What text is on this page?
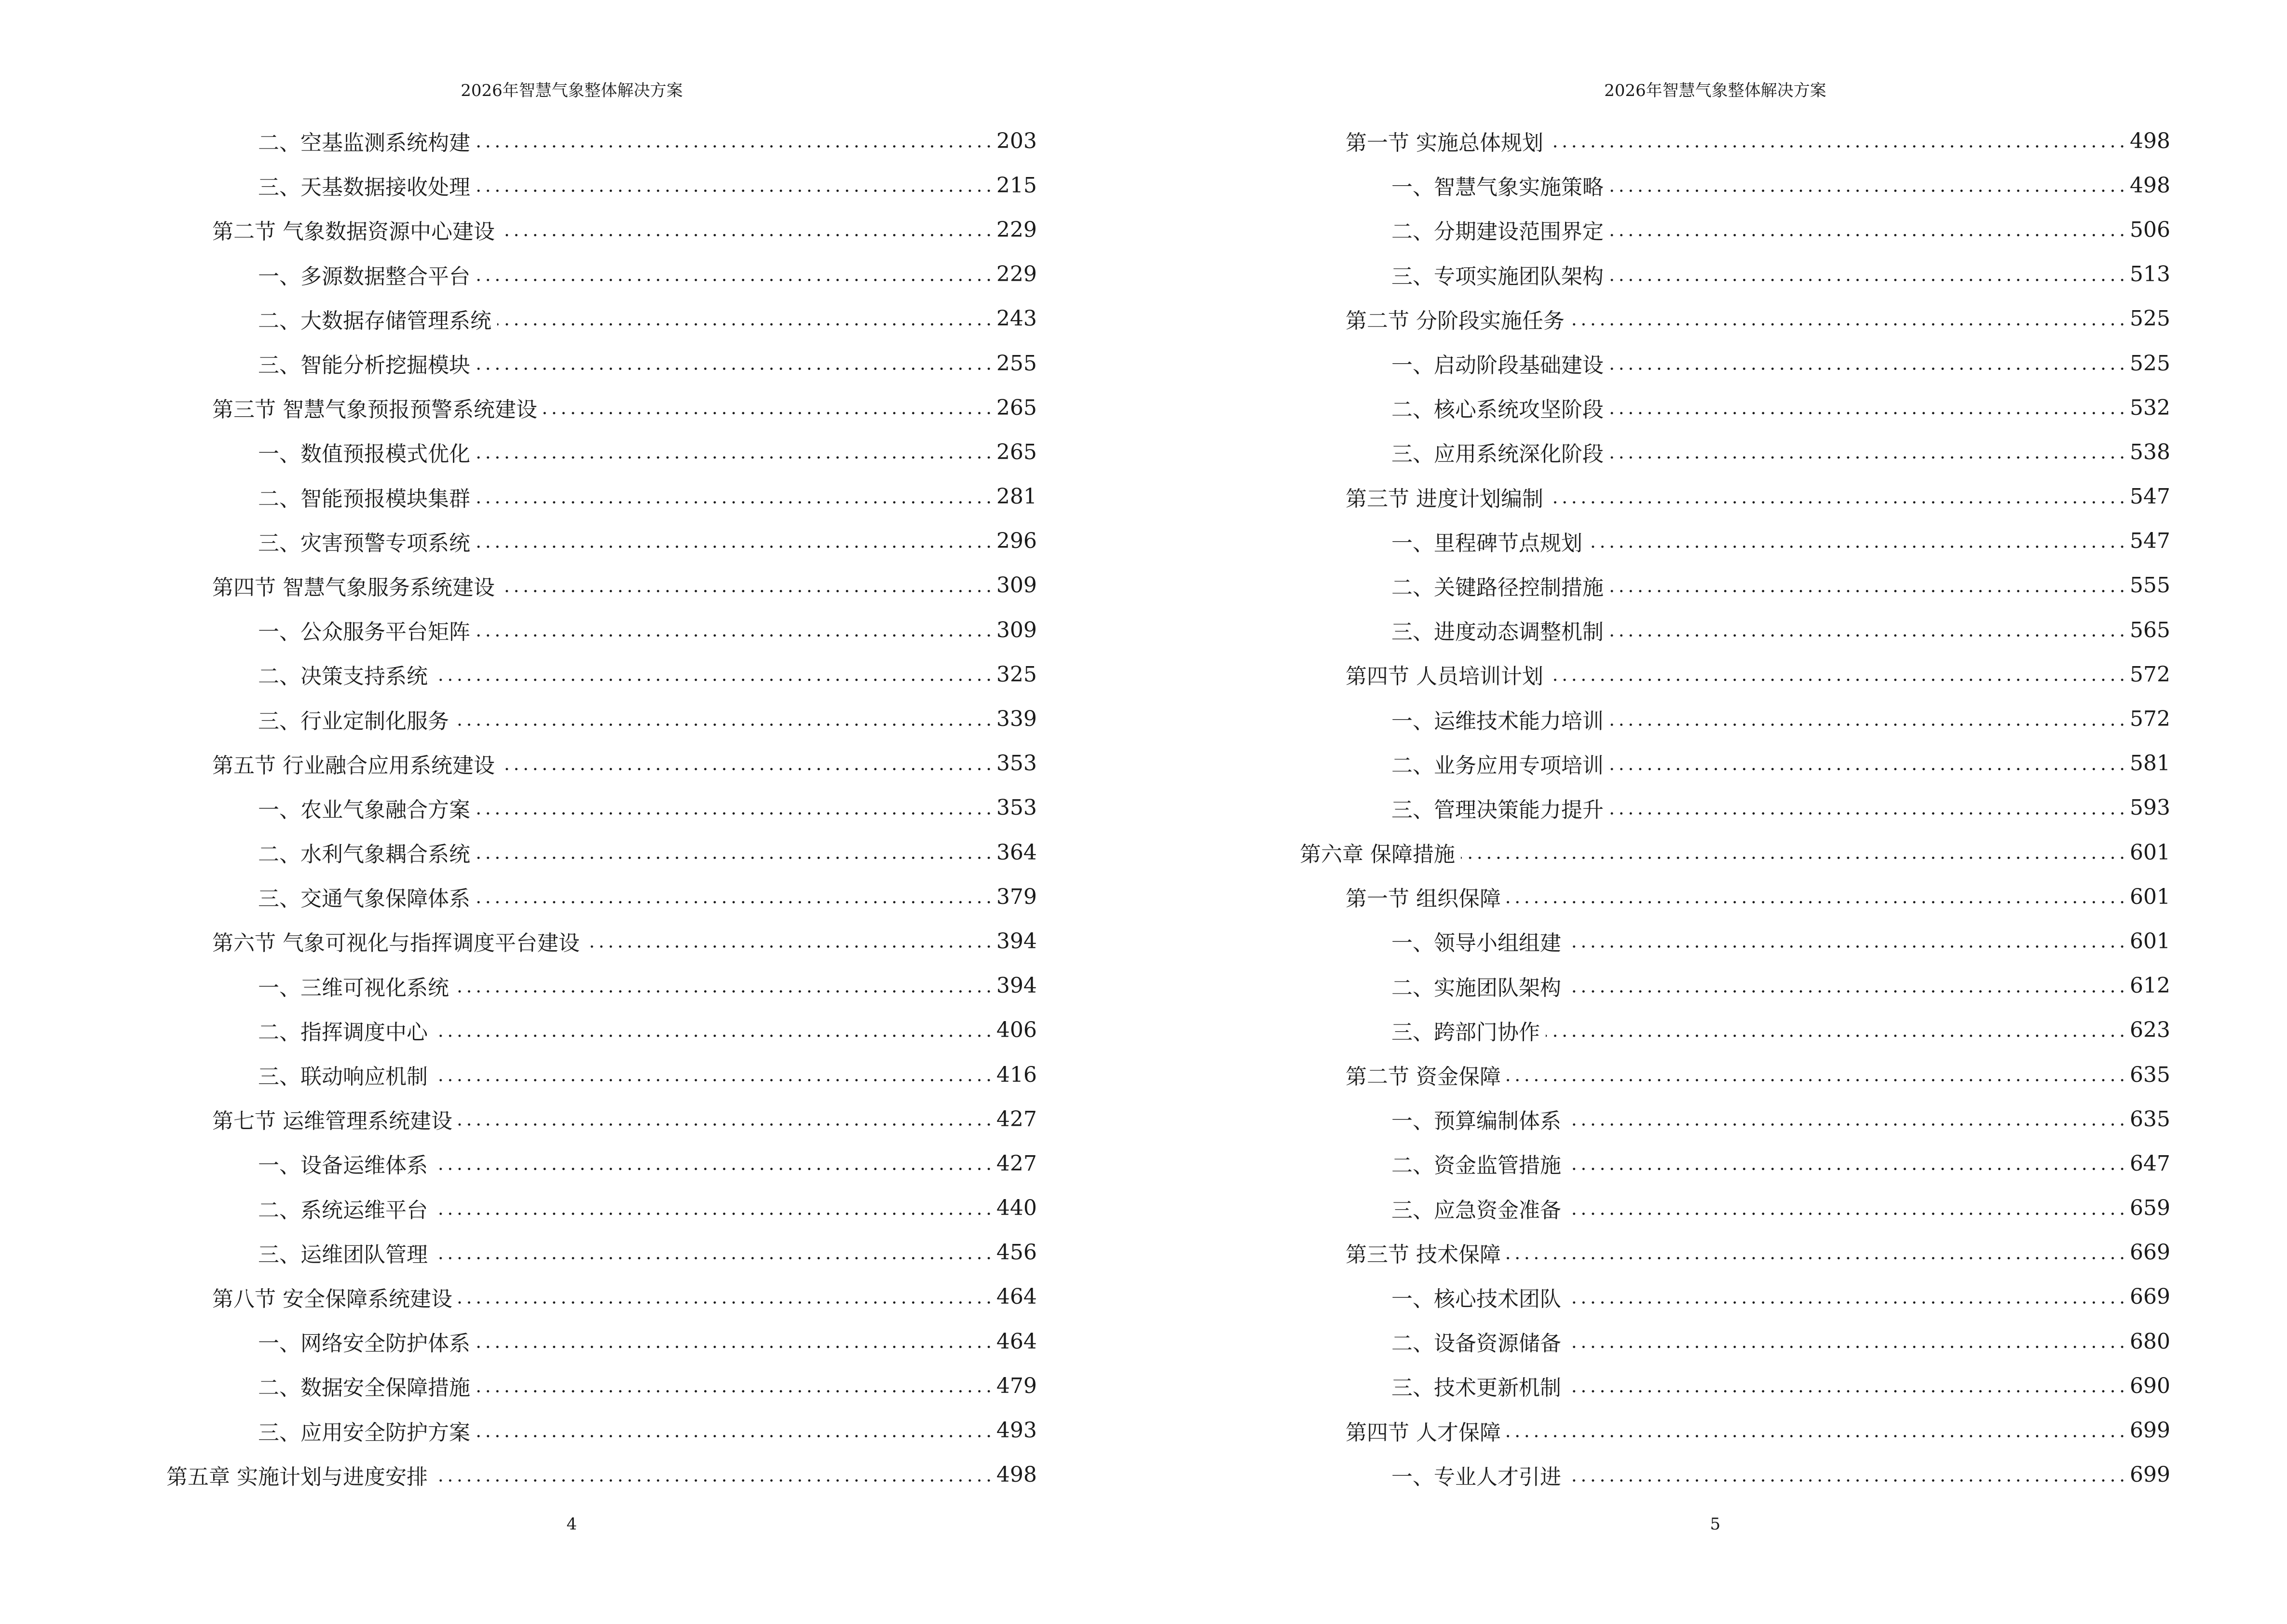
2026年智慧气象整体解决方案
二、空基监测系统构建	203
三、天基数据接收处理	215
第二节 气象数据资源中心建设	229
一、多源数据整合平台	229
二、大数据存储管理系统	243
三、智能分析挖掘模块	255
第三节 智慧气象预报预警系统建设	265
一、数值预报模式优化	265
二、智能预报模块集群	281
三、灾害预警专项系统	296
第四节 智慧气象服务系统建设	309
一、公众服务平台矩阵	309
二、决策支持系统	325
三、行业定制化服务	339
第五节 行业融合应用系统建设	353
一、农业气象融合方案	353
二、水利气象耦合系统	364
三、交通气象保障体系	379
第六节 气象可视化与指挥调度平台建设	394
一、三维可视化系统	394
二、指挥调度中心	406
三、联动响应机制	416
第七节 运维管理系统建设	427
一、设备运维体系	427
二、系统运维平台	440
三、运维团队管理	456
第八节 安全保障系统建设	464
一、网络安全防护体系	464
二、数据安全保障措施	479
三、应用安全防护方案	493
第五章 实施计划与进度安排	498
4
2026年智慧气象整体解决方案
第一节 实施总体规划	498
一、智慧气象实施策略	498
二、分期建设范围界定	506
三、专项实施团队架构	513
第二节 分阶段实施任务	525
一、启动阶段基础建设	525
二、核心系统攻坚阶段	532
三、应用系统深化阶段	538
第三节 进度计划编制	547
一、里程碑节点规划	547
二、关键路径控制措施	555
三、进度动态调整机制	565
第四节 人员培训计划	572
一、运维技术能力培训	572
二、业务应用专项培训	581
三、管理决策能力提升	593
第六章 保障措施	601
第一节 组织保障	601
一、领导小组组建	601
二、实施团队架构	612
三、跨部门协作	623
第二节 资金保障	635
一、预算编制体系	635
二、资金监管措施	647
三、应急资金准备	659
第三节 技术保障	669
一、核心技术团队	669
二、设备资源储备	680
三、技术更新机制	690
第四节 人才保障	699
一、专业人才引进	699
5
